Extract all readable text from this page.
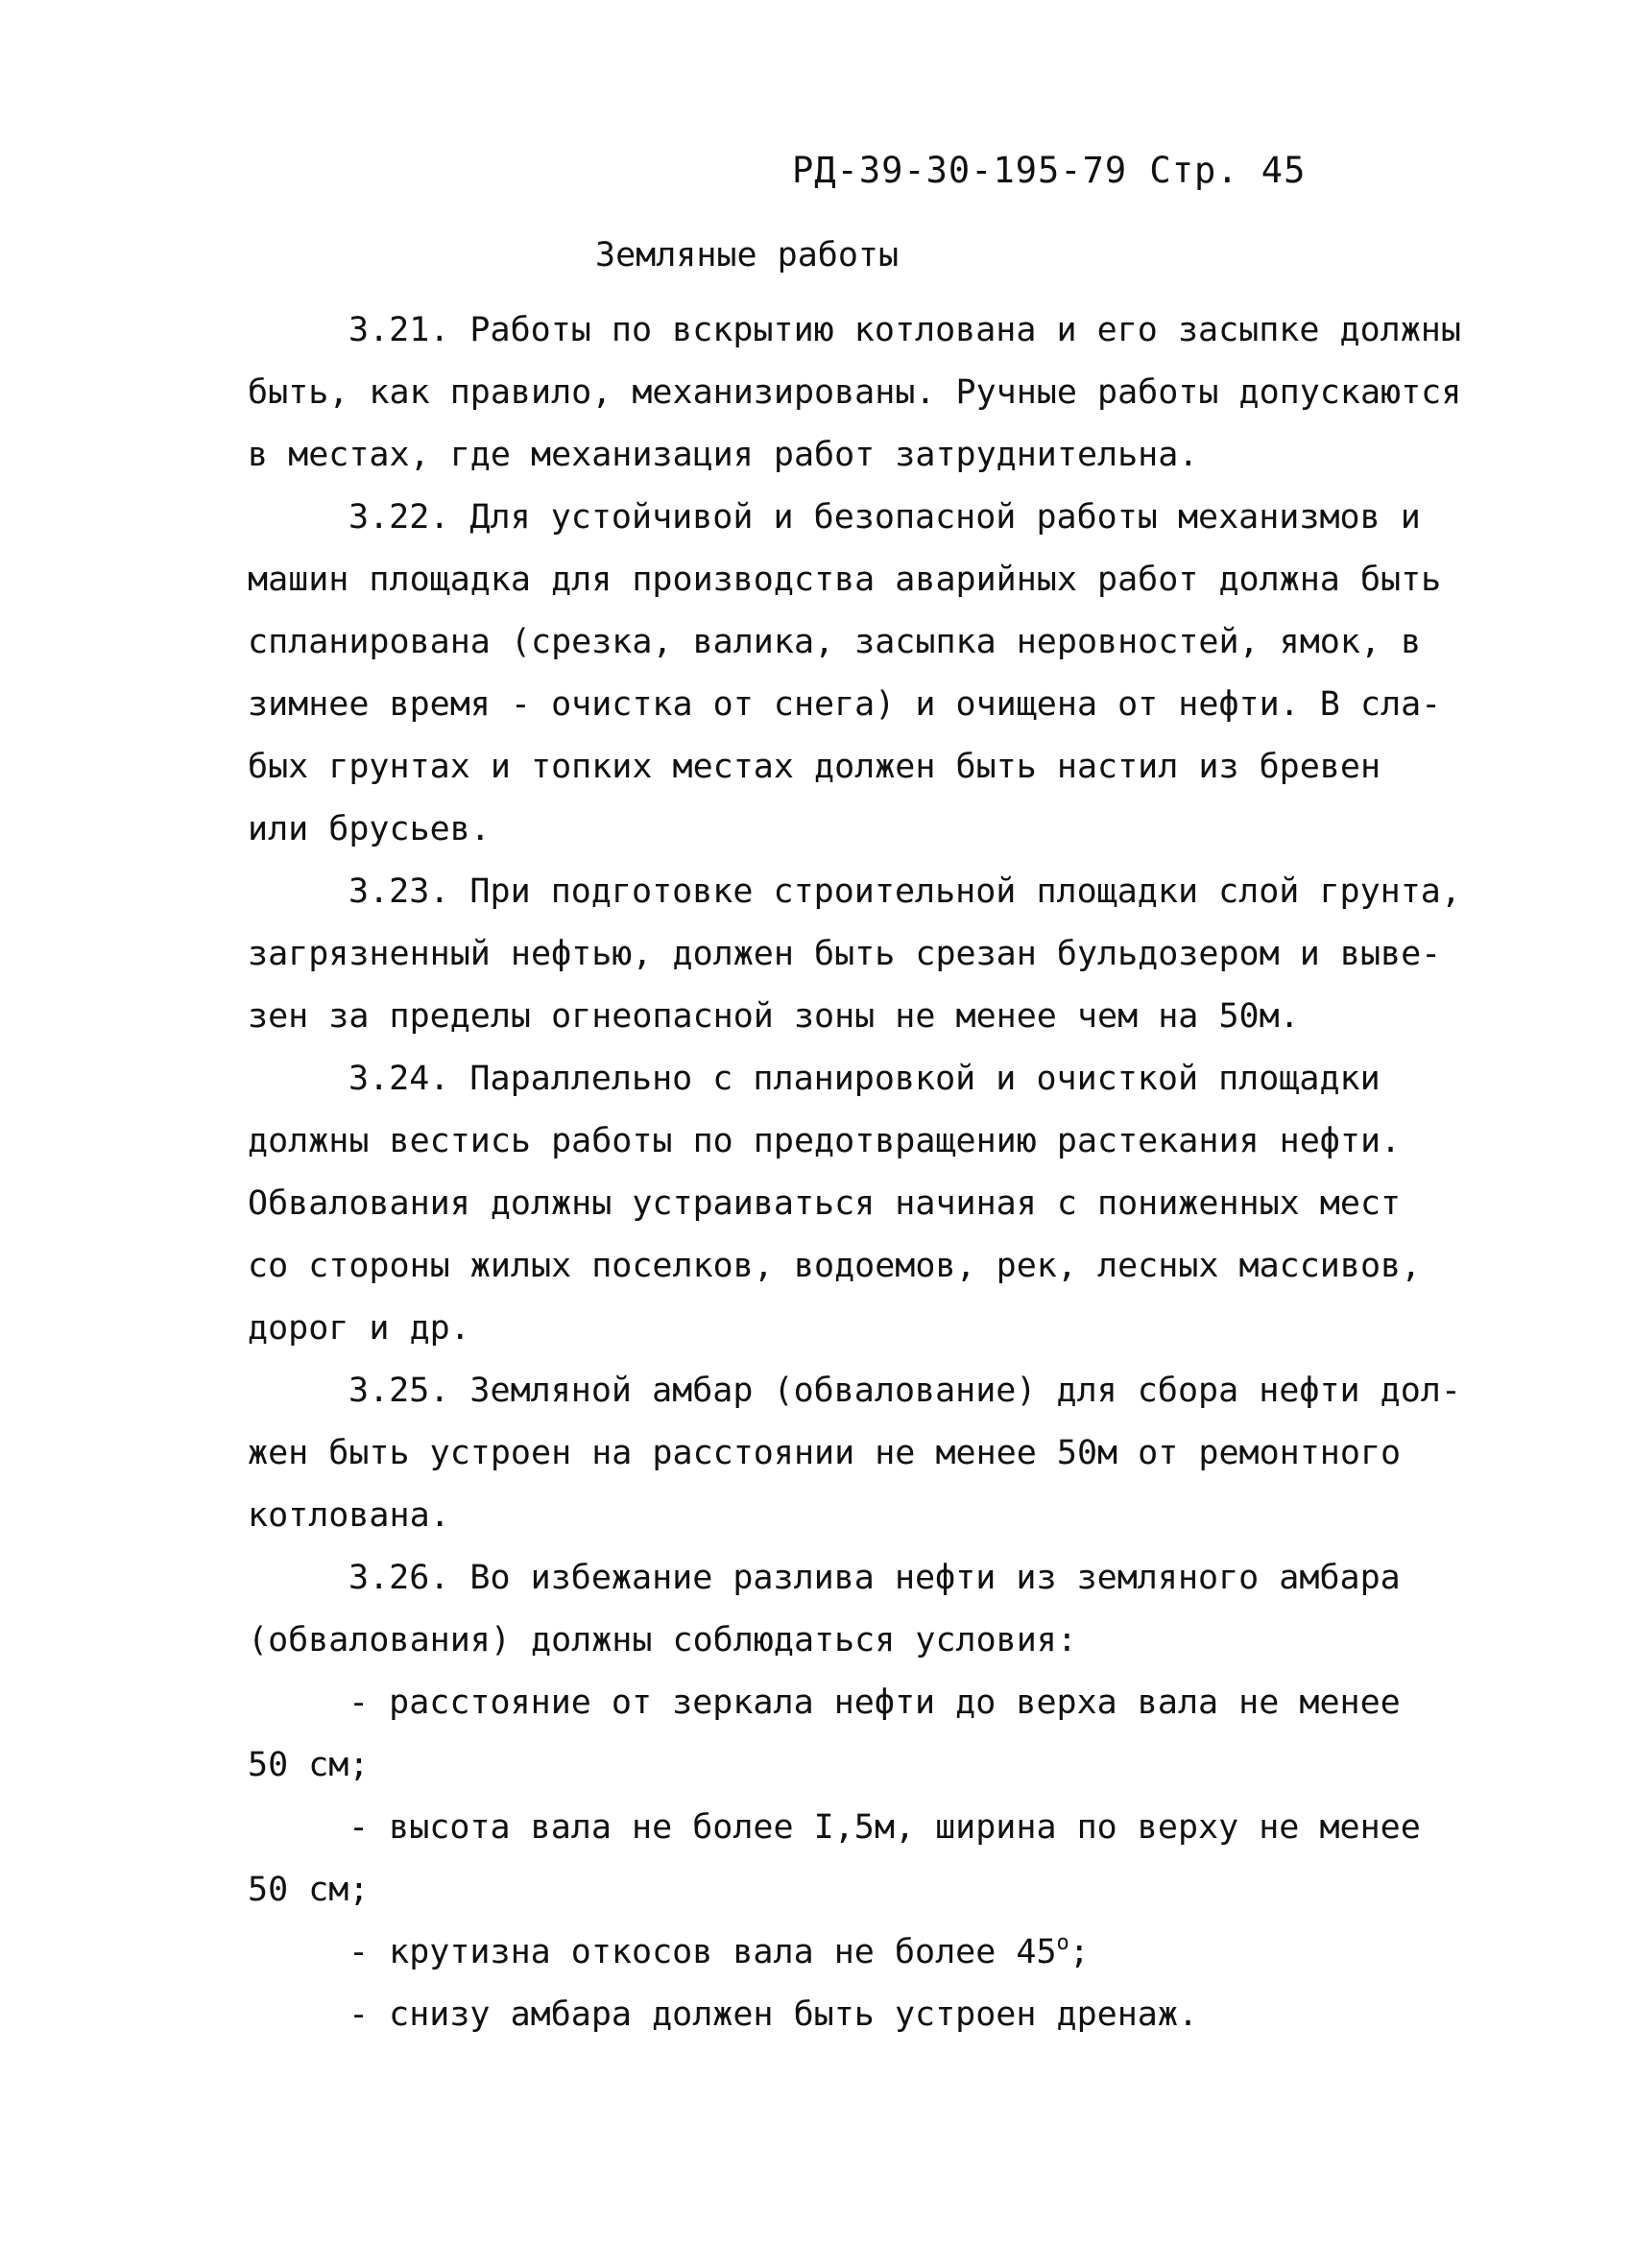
РД-39-30-195-79 Стр. 45
Земляные работы
3.21. Работы по вскрытию котлована и его засыпке должны
быть, как правило, механизированы. Ручные работы допускаются
в местах, где механизация работ затруднительна.
3.22. Для устойчивой и безопасной работы механизмов и
машин площадка для производства аварийных работ должна быть
спланирована (срезка, валика, засыпка неровностей, ямок, в
зимнее время - очистка от снега) и очищена от нефти. В сла-
бых грунтах и топких местах должен быть настил из бревен
или брусьев.
3.23. При подготовке строительной площадки слой грунта,
загрязненный нефтью, должен быть срезан бульдозером и выве-
зен за пределы огнеопасной зоны не менее чем на 50м.
3.24. Параллельно с планировкой и очисткой площадки
должны вестись работы по предотвращению растекания нефти.
Обвалования должны устраиваться начиная с пониженных мест
со стороны жилых поселков, водоемов, рек, лесных массивов,
дорог и др.
3.25. Земляной амбар (обвалование) для сбора нефти дол-
жен быть устроен на расстоянии не менее 50м от ремонтного
котлована.
3.26. Во избежание разлива нефти из земляного амбара
(обвалования) должны соблюдаться условия:
- расстояние от зеркала нефти до верха вала не менее
50 см;
- высота вала не более I,5м, ширина по верху не менее
50 см;
- крутизна откосов вала не более $45^о$;
- снизу амбара должен быть устроен дренаж.
